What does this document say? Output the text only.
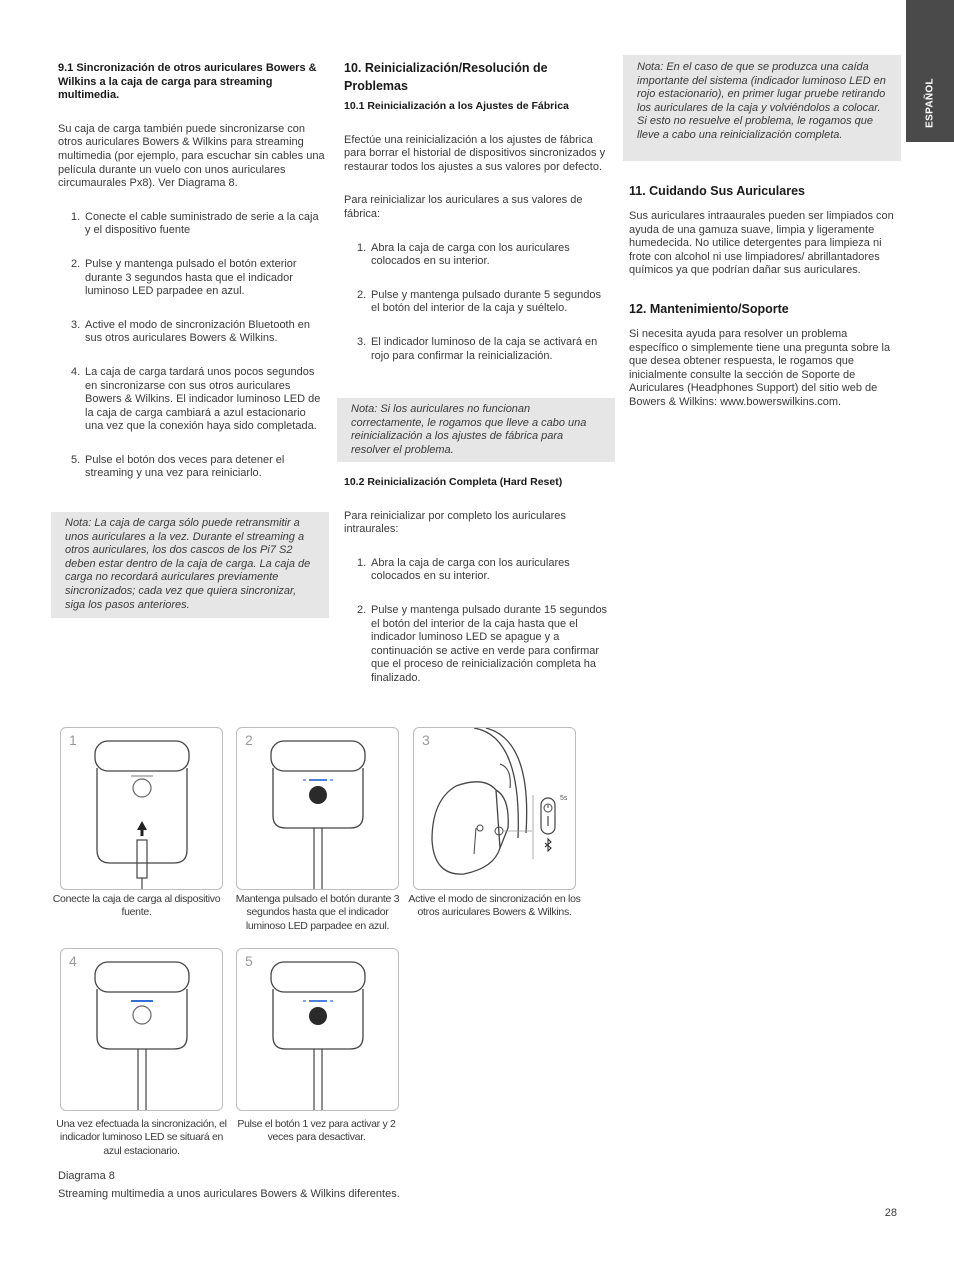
ESPAÑOL

9.1 Sincronización de otros auriculares Bowers & Wilkins a la caja de carga para streaming multimedia.

Su caja de carga también puede sincronizarse con otros auriculares Bowers & Wilkins para streaming multimedia (por ejemplo, para escuchar sin cables una película durante un vuelo con unos auriculares circumaurales Px8). Ver Diagrama 8.

1. Conecte el cable suministrado de serie a la caja y el dispositivo fuente
2. Pulse y mantenga pulsado el botón exterior durante 3 segundos hasta que el indicador luminoso LED parpadee en azul.
3. Active el modo de sincronización Bluetooth en sus otros auriculares Bowers & Wilkins.
4. La caja de carga tardará unos pocos segundos en sincronizarse con sus otros auriculares Bowers & Wilkins. El indicador luminoso LED de la caja de carga cambiará a azul estacionario una vez que la conexión haya sido completada.
5. Pulse el botón dos veces para detener el streaming y una vez para reiniciarlo.

Nota: La caja de carga sólo puede retransmitir a unos auriculares a la vez. Durante el streaming a otros auriculares, los dos cascos de los Pi7 S2 deben estar dentro de la caja de carga. La caja de carga no recordará auriculares previamente sincronizados; cada vez que quiera sincronizar, siga los pasos anteriores.

10. Reinicialización/Resolución de Problemas

10.1 Reinicialización a los Ajustes de Fábrica

Efectúe una reinicialización a los ajustes de fábrica para borrar el historial de dispositivos sincronizados y restaurar todos los ajustes a sus valores por defecto.

Para reinicializar los auriculares a sus valores de fábrica:

1. Abra la caja de carga con los auriculares colocados en su interior.
2. Pulse y mantenga pulsado durante 5 segundos el botón del interior de la caja y suéltelo.
3. El indicador luminoso de la caja se activará en rojo para confirmar la reinicialización.

Nota: Si los auriculares no funcionan correctamente, le rogamos que lleve a cabo una reinicialización a los ajustes de fábrica para resolver el problema.

10.2 Reinicialización Completa (Hard Reset)

Para reinicializar por completo los auriculares intraurales:

1. Abra la caja de carga con los auriculares colocados en su interior.
2. Pulse y mantenga pulsado durante 15 segundos el botón del interior de la caja hasta que el indicador luminoso LED se apague y a continuación se active en verde para confirmar que el proceso de reinicialización completa ha finalizado.

Nota: En el caso de que se produzca una caída importante del sistema (indicador luminoso LED en rojo estacionario), en primer lugar pruebe retirando los auriculares de la caja y volviéndolos a colocar. Si esto no resuelve el problema, le rogamos que lleve a cabo una reinicialización completa.

11. Cuidando Sus Auriculares

Sus auriculares intraaurales pueden ser limpiados con ayuda de una gamuza suave, limpia y ligeramente humedecida. No utilice detergentes para limpieza ni frote con alcohol ni use limpiadores/ abrillantadores químicos ya que podrían dañar sus auriculares.

12. Mantenimiento/Soporte

Si necesita ayuda para resolver un problema específico o simplemente tiene una pregunta sobre la que desea obtener respuesta, le rogamos que inicialmente consulte la sección de Soporte de Auriculares (Headphones Support) del sitio web de Bowers & Wilkins: www.bowerswilkins.com.

1
Conecte la caja de carga al dispositivo fuente.
2
Mantenga pulsado el botón durante 3 segundos hasta que el indicador luminoso LED parpadee en azul.
3
5s
Active el modo de sincronización en los otros auriculares Bowers & Wilkins.
4
Una vez efectuada la sincronización, el indicador luminoso LED se situará en azul estacionario.
5
Pulse el botón 1 vez para activar y 2 veces para desactivar.
Diagrama 8
Streaming multimedia a unos auriculares Bowers & Wilkins diferentes.
28
